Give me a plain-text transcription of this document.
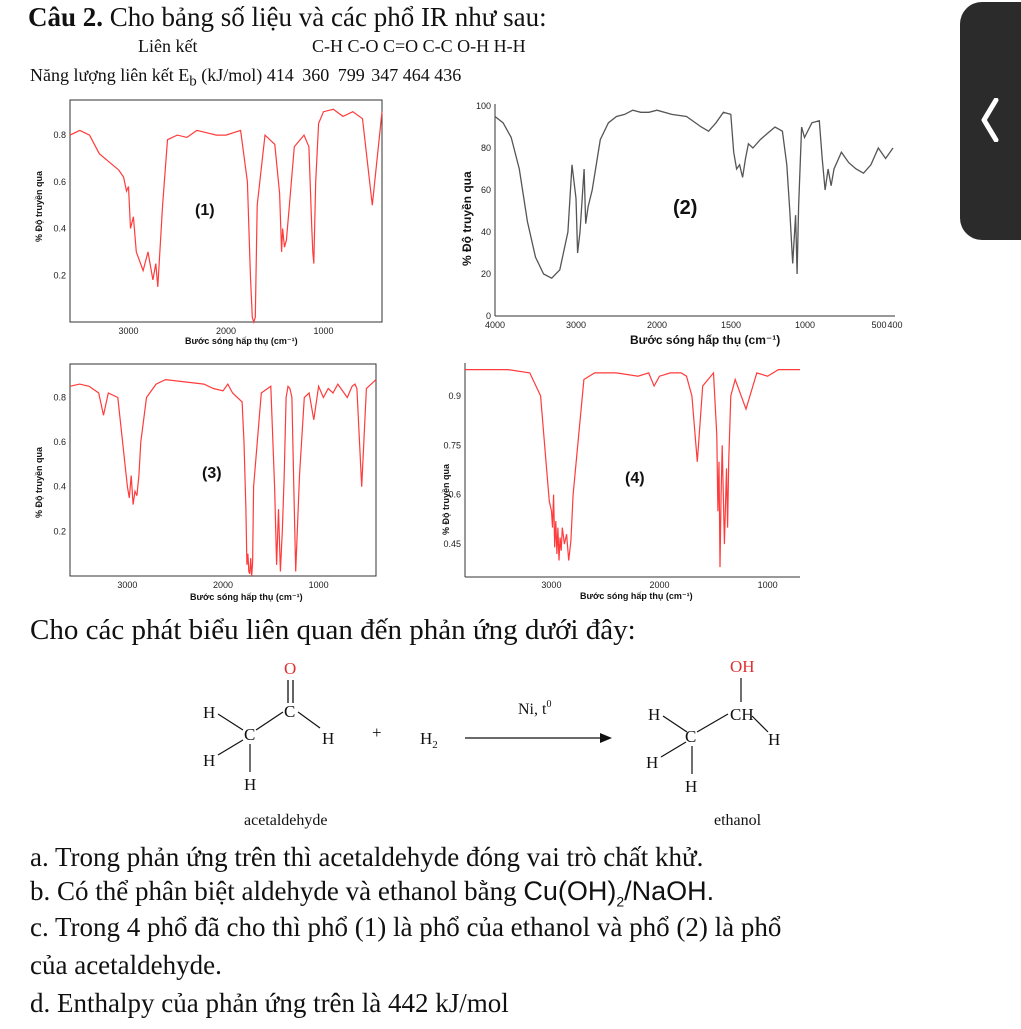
Câu 2. Cho bảng số liệu và các phổ IR như sau:
Liên kết	C-H C-O C=O C-C O-H H-H
Năng lượng liên kết $E_b$ (kJ/mol) 414 360 799 347 464 436
0.2
0.4
0.6
0.8
3000	2000	1000
(1)
% Độ truyền qua
Bước sóng hấp thụ (cm⁻¹)
0
20
40
60
80
100
4000	3000	2000	1500	1000	500 400
(2)
% Độ truyền qua
Bước sóng hấp thụ (cm⁻¹)
0.2
0.4
0.6
0.8
3000	2000	1000
(3)
% Độ truyền qua
Bước sóng hấp thụ (cm⁻¹)
0.45
0.6
0.75
0.9
3000	2000	1000
(4)
% Độ truyền qua
Bước sóng hấp thụ (cm⁻¹)
Cho các phát biểu liên quan đến phản ứng dưới đây:
O
C
H
C	H
H
H
acetaldehyde
+ $H_2$
Ni, $t^0$
OH
CH
H
C	H
H
H
ethanol
a. Trong phản ứng trên thì acetaldehyde đóng vai trò chất khử.
b. Có thể phân biệt aldehyde và ethanol bằng $Cu(OH)_2$/NaOH.
c. Trong 4 phổ đã cho thì phổ (1) là phổ của ethanol và phổ (2) là phổ
của acetaldehyde.
d. Enthalpy của phản ứng trên là 442 kJ/mol
